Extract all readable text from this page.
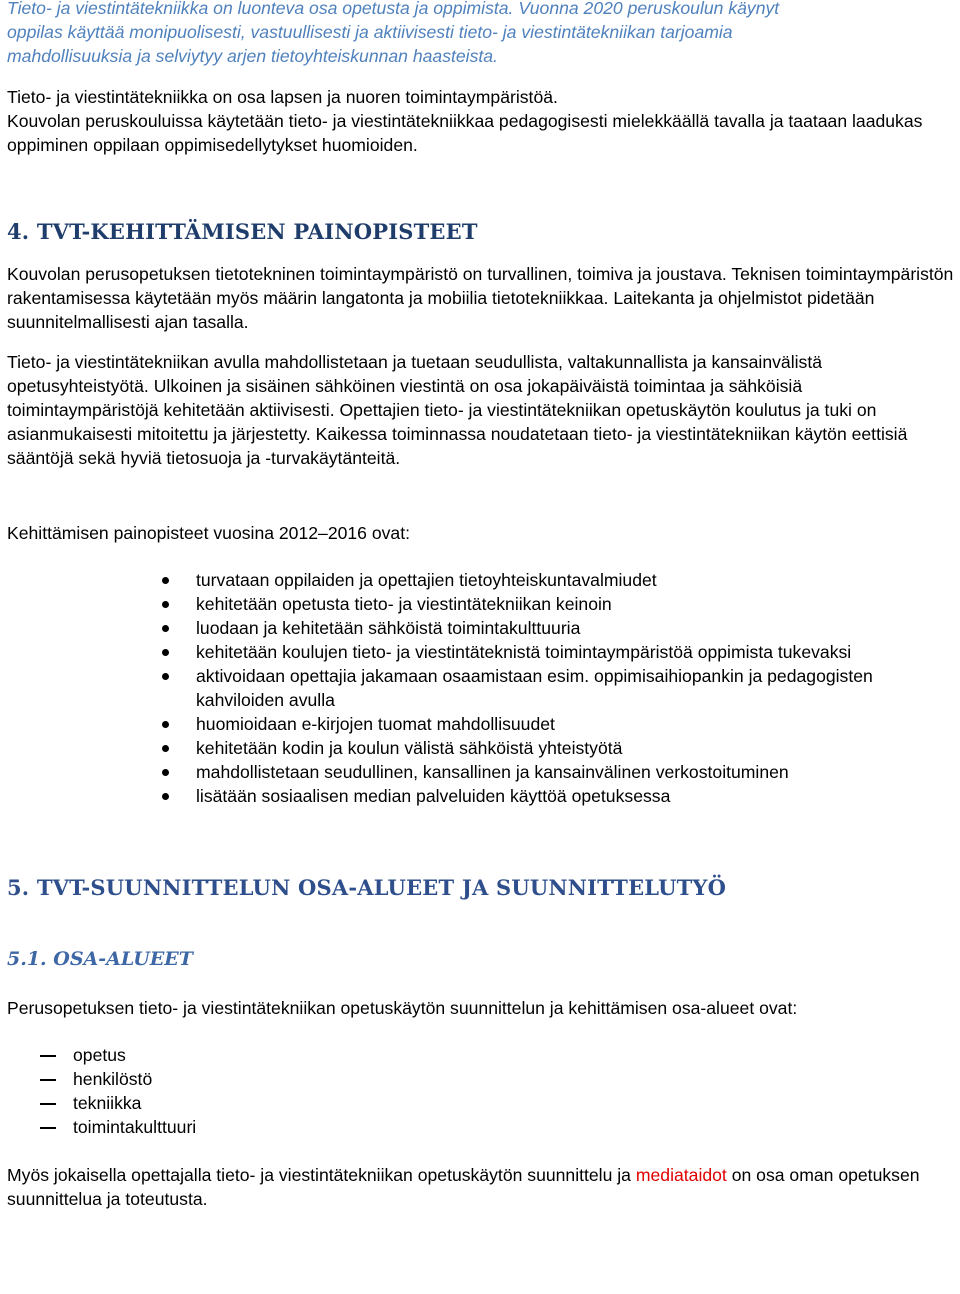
Tieto- ja viestintätekniikka on luonteva osa opetusta ja oppimista. Vuonna 2020 peruskoulun käynyt
oppilas käyttää monipuolisesti, vastuullisesti ja aktiivisesti tieto- ja viestintätekniikan tarjoamia
mahdollisuuksia ja selviytyy arjen tietoyhteiskunnan haasteista.

Tieto- ja viestintätekniikka on osa lapsen ja nuoren toimintaympäristöä.

Kouvolan peruskouluissa käytetään tieto- ja viestintätekniikkaa pedagogisesti mielekkäällä tavalla ja taataan laadukas oppiminen oppilaan oppimisedellytykset huomioiden.

4. TVT-KEHITTÄMISEN PAINOPISTEET

Kouvolan perusopetuksen tietotekninen toimintaympäristö on turvallinen, toimiva ja joustava. Teknisen toimintaympäristön rakentamisessa käytetään myös määrin langatonta ja mobiilia tietotekniikkaa. Laitekanta ja ohjelmistot pidetään suunnitelmallisesti ajan tasalla.

Tieto- ja viestintätekniikan avulla mahdollistetaan ja tuetaan seudullista, valtakunnallista ja kansainvälistä opetusyhteistyötä. Ulkoinen ja sisäinen sähköinen viestintä on osa jokapäiväistä toimintaa ja sähköisiä toimintaympäristöjä kehitetään aktiivisesti. Opettajien tieto- ja viestintätekniikan opetuskäytön koulutus ja tuki on asianmukaisesti mitoitettu ja järjestetty. Kaikessa toiminnassa noudatetaan tieto- ja viestintätekniikan käytön eettisiä sääntöjä sekä hyviä tietosuoja ja -turvakäytänteitä.

Kehittämisen painopisteet vuosina 2012–2016 ovat:

turvataan oppilaiden ja opettajien tietoyhteiskuntavalmiudet
kehitetään opetusta tieto- ja viestintätekniikan keinoin
luodaan ja kehitetään sähköistä toimintakulttuuria
kehitetään koulujen tieto- ja viestintäteknistä toimintaympäristöä oppimista tukevaksi
aktivoidaan opettajia jakamaan osaamistaan esim. oppimisaihiopankin ja pedagogisten kahviloiden avulla
huomioidaan e-kirjojen tuomat mahdollisuudet
kehitetään kodin ja koulun välistä sähköistä yhteistyötä
mahdollistetaan seudullinen, kansallinen ja kansainvälinen verkostoituminen
lisätään sosiaalisen median palveluiden käyttöä opetuksessa
5. TVT-SUUNNITTELUN OSA-ALUEET JA SUUNNITTELUTYÖ
5.1. OSA-ALUEET

Perusopetuksen tieto- ja viestintätekniikan opetuskäytön suunnittelun ja kehittämisen osa-alueet ovat:

opetus
henkilöstö
tekniikka
toimintakulttuuri

Myös jokaisella opettajalla tieto- ja viestintätekniikan opetuskäytön suunnittelu ja mediataidot on osa oman opetuksen suunnittelua ja toteutusta.
